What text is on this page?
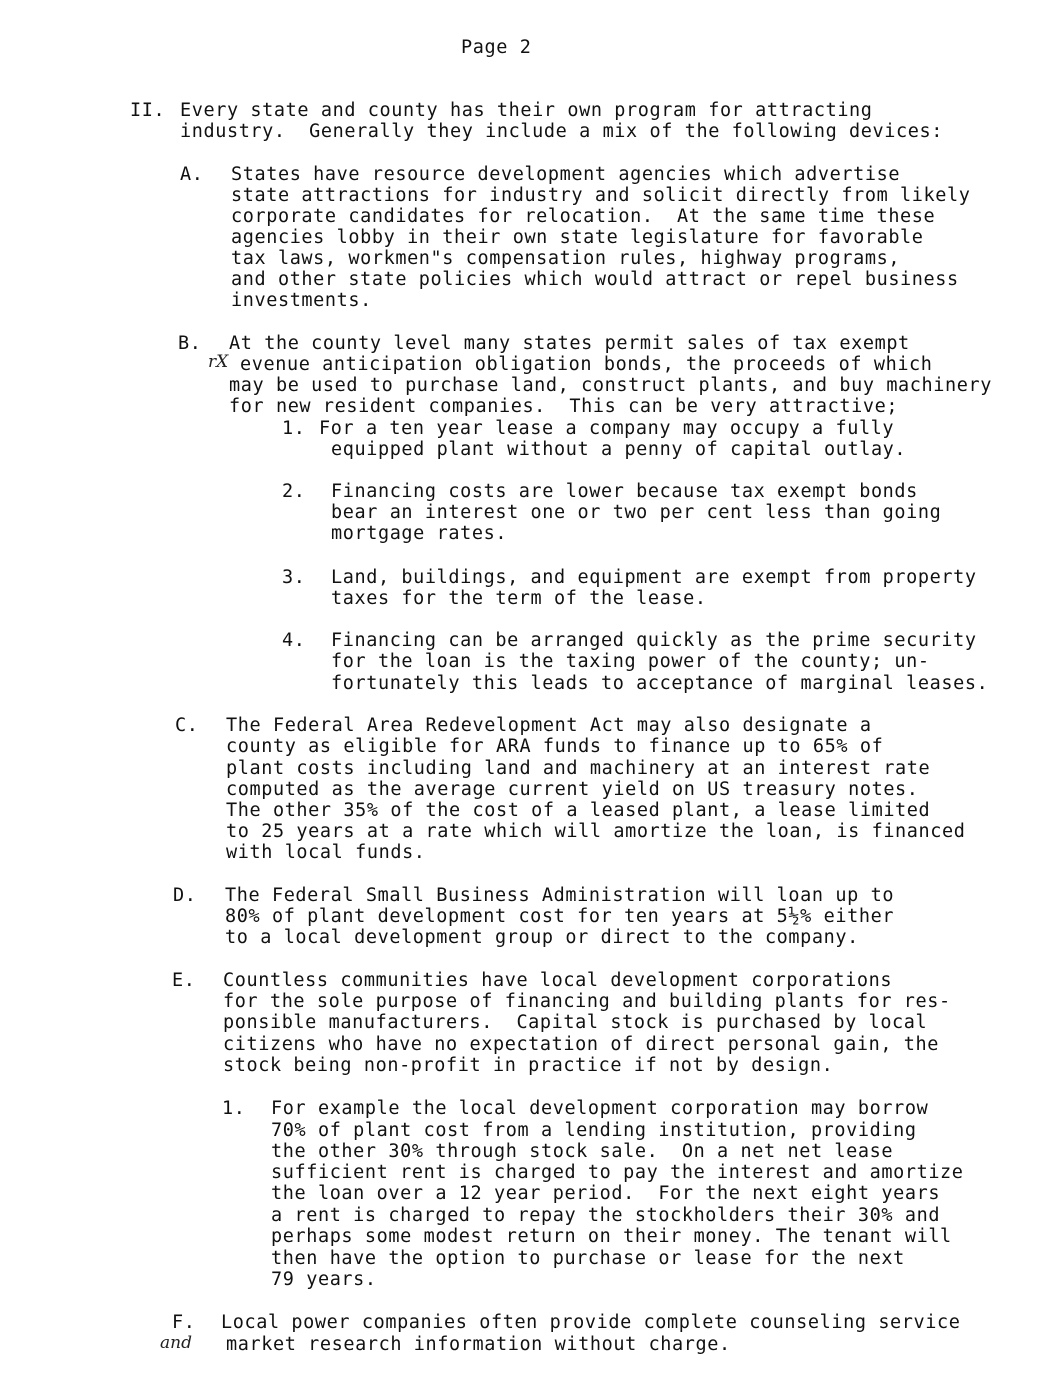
Page 2
II. Every state and county has their own program for attracting
industry.  Generally they include a mix of the following devices:
A. States have resource development agencies which advertise
state attractions for industry and solicit directly from likely
corporate candidates for relocation.  At the same time these
agencies lobby in their own state legislature for favorable
tax laws, workmen"s compensation rules, highway programs,
and other state policies which would attract or repel business
investments.
B. At the county level many states permit sales of tax exempt
rX evenue anticipation obligation bonds, the proceeds of which
may be used to purchase land, construct plants, and buy machinery
for new resident companies.  This can be very attractive;
1. For a ten year lease a company may occupy a fully
equipped plant without a penny of capital outlay.
2. Financing costs are lower because tax exempt bonds
bear an interest one or two per cent less than going
mortgage rates.
3. Land, buildings, and equipment are exempt from property
taxes for the term of the lease.
4. Financing can be arranged quickly as the prime security
for the loan is the taxing power of the county; un-
fortunately this leads to acceptance of marginal leases.
C. The Federal Area Redevelopment Act may also designate a
county as eligible for ARA funds to finance up to 65% of
plant costs including land and machinery at an interest rate
computed as the average current yield on US treasury notes.
The other 35% of the cost of a leased plant, a lease limited
to 25 years at a rate which will amortize the loan, is financed
with local funds.
D. The Federal Small Business Administration will loan up to
80% of plant development cost for ten years at 5½% either
to a local development group or direct to the company.
E. Countless communities have local development corporations
for the sole purpose of financing and building plants for res-
ponsible manufacturers.  Capital stock is purchased by local
citizens who have no expectation of direct personal gain, the
stock being non-profit in practice if not by design.
1. For example the local development corporation may borrow
70% of plant cost from a lending institution, providing
the other 30% through stock sale.  On a net net lease
sufficient rent is charged to pay the interest and amortize
the loan over a 12 year period.  For the next eight years
a rent is charged to repay the stockholders their 30% and
perhaps some modest return on their money. The tenant will
then have the option to purchase or lease for the next
79 years.
F. Local power companies often provide complete counseling service
and market research information without charge.
